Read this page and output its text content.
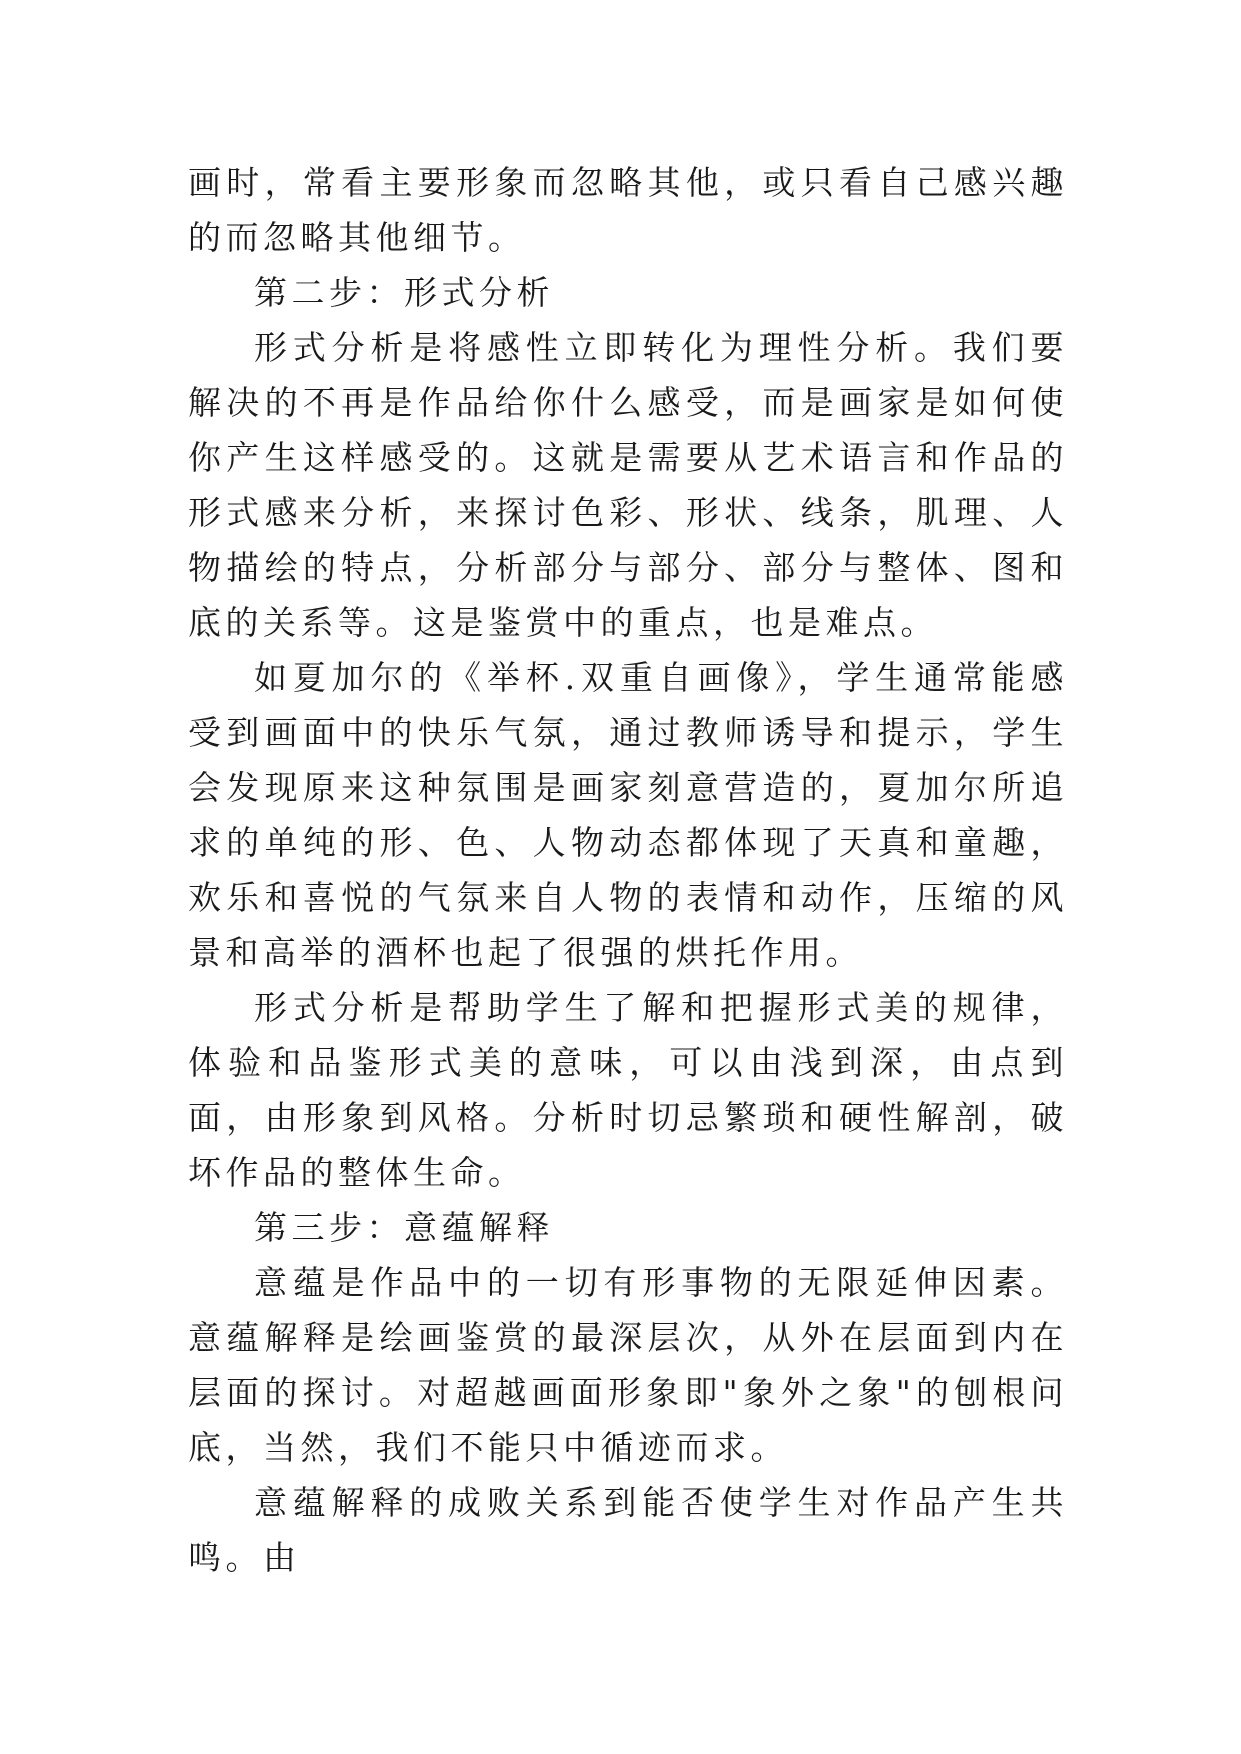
画时，常看主要形象而忽略其他，或只看自己感兴趣的而忽略其他细节。

第二步：形式分析

形式分析是将感性立即转化为理性分析。我们要解决的不再是作品给你什么感受，而是画家是如何使你产生这样感受的。这就是需要从艺术语言和作品的形式感来分析，来探讨色彩、形状、线条，肌理、人物描绘的特点，分析部分与部分、部分与整体、图和底的关系等。这是鉴赏中的重点，也是难点。

如夏加尔的《举杯.双重自画像》，学生通常能感受到画面中的快乐气氛，通过教师诱导和提示，学生会发现原来这种氛围是画家刻意营造的，夏加尔所追求的单纯的形、色、人物动态都体现了天真和童趣，欢乐和喜悦的气氛来自人物的表情和动作，压缩的风景和高举的酒杯也起了很强的烘托作用。

形式分析是帮助学生了解和把握形式美的规律，体验和品鉴形式美的意味，可以由浅到深，由点到面，由形象到风格。分析时切忌繁琐和硬性解剖，破坏作品的整体生命。

第三步：意蕴解释

意蕴是作品中的一切有形事物的无限延伸因素。意蕴解释是绘画鉴赏的最深层次，从外在层面到内在层面的探讨。对超越画面形象即"象外之象"的刨根问底，当然，我们不能只中循迹而求。

意蕴解释的成败关系到能否使学生对作品产生共鸣。由
